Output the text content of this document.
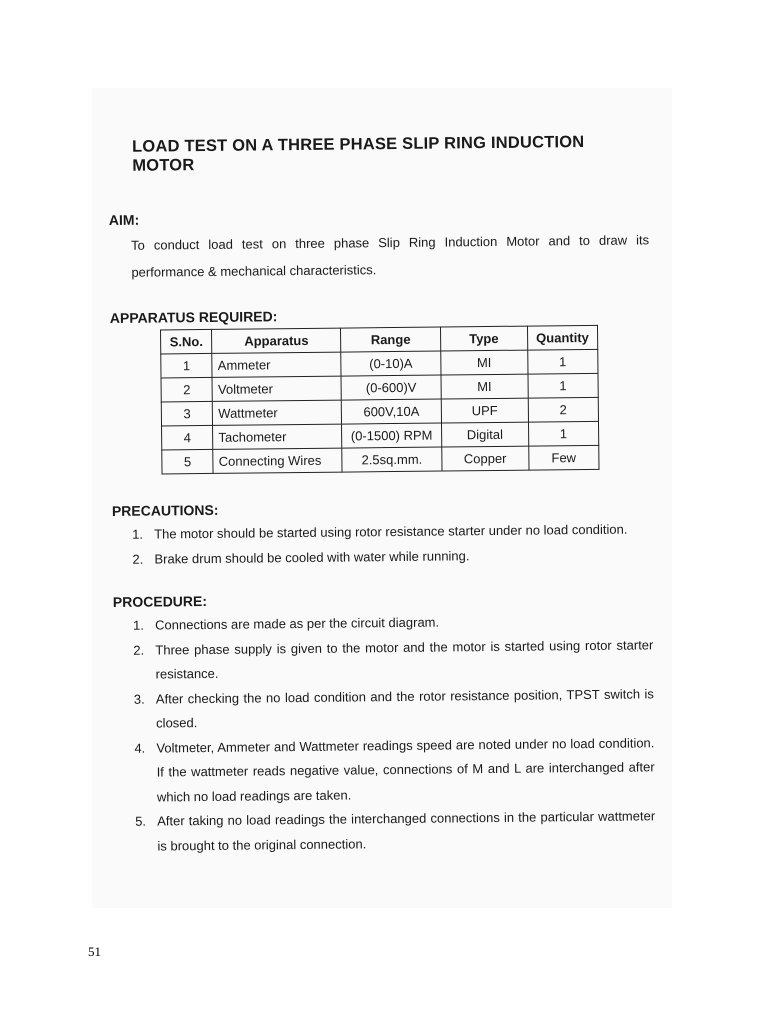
LOAD TEST ON A THREE PHASE SLIP RING INDUCTION MOTOR
AIM:

To conduct load test on three phase Slip Ring Induction Motor and to draw its performance & mechanical characteristics.

APPARATUS REQUIRED:
S.No.	Apparatus	Range	Type	Quantity
1	Ammeter	(0-10)A	MI	1
2	Voltmeter	(0-600)V	MI	1
3	Wattmeter	600V,10A	UPF	2
4	Tachometer	(0-1500) RPM	Digital	1
5	Connecting Wires	2.5sq.mm.	Copper	Few
PRECAUTIONS:
1. The motor should be started using rotor resistance starter under no load condition.
2. Brake drum should be cooled with water while running.
PROCEDURE:
1. Connections are made as per the circuit diagram.
2. Three phase supply is given to the motor and the motor is started using rotor starter resistance.
3. After checking the no load condition and the rotor resistance position, TPST switch is closed.
4. Voltmeter, Ammeter and Wattmeter readings speed are noted under no load condition. If the wattmeter reads negative value, connections of M and L are interchanged after which no load readings are taken.
5. After taking no load readings the interchanged connections in the particular wattmeter is brought to the original connection.
51
